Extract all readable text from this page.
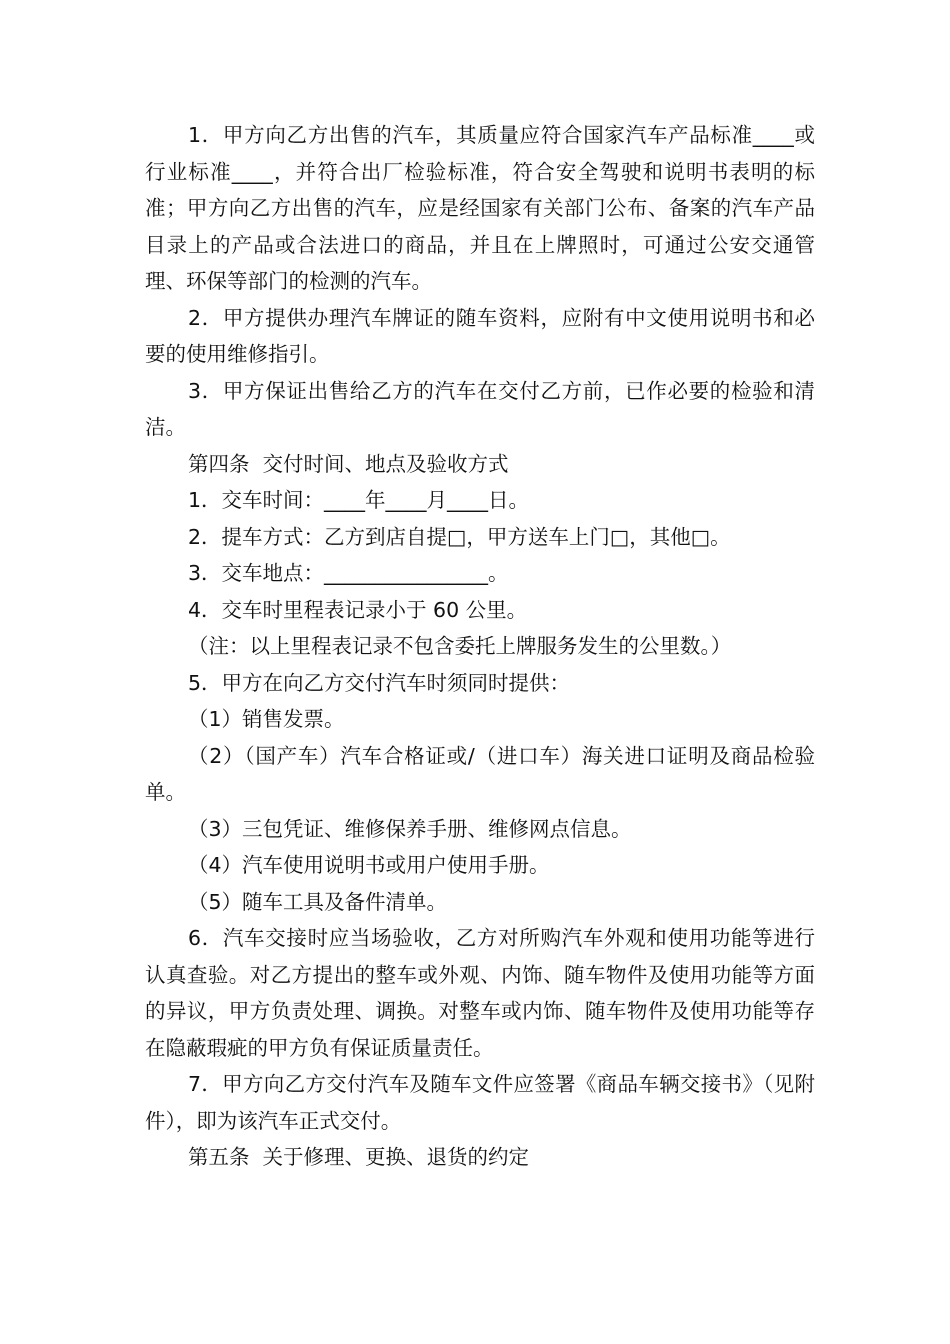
1．甲方向乙方出售的汽车，其质量应符合国家汽车产品标准____或行业标准____，并符合出厂检验标准，符合安全驾驶和说明书表明的标准；甲方向乙方出售的汽车，应是经国家有关部门公布、备案的汽车产品目录上的产品或合法进口的商品，并且在上牌照时，可通过公安交通管理、环保等部门的检测的汽车。

2．甲方提供办理汽车牌证的随车资料，应附有中文使用说明书和必要的使用维修指引。

3．甲方保证出售给乙方的汽车在交付乙方前，已作必要的检验和清洁。

第四条  交付时间、地点及验收方式

1．交车时间：____年____月____日。

2．提车方式：乙方到店自提□，甲方送车上门□，其他□。

3．交车地点：________________。

4．交车时里程表记录小于 60 公里。

（注：以上里程表记录不包含委托上牌服务发生的公里数。）

5．甲方在向乙方交付汽车时须同时提供：

（1）销售发票。

（2）（国产车）汽车合格证或/（进口车）海关进口证明及商品检验单。

（3）三包凭证、维修保养手册、维修网点信息。

（4）汽车使用说明书或用户使用手册。

（5）随车工具及备件清单。

6．汽车交接时应当场验收，乙方对所购汽车外观和使用功能等进行认真查验。对乙方提出的整车或外观、内饰、随车物件及使用功能等方面的异议，甲方负责处理、调换。对整车或内饰、随车物件及使用功能等存在隐蔽瑕疵的甲方负有保证质量责任。

7．甲方向乙方交付汽车及随车文件应签署《商品车辆交接书》（见附件），即为该汽车正式交付。

第五条  关于修理、更换、退货的约定
